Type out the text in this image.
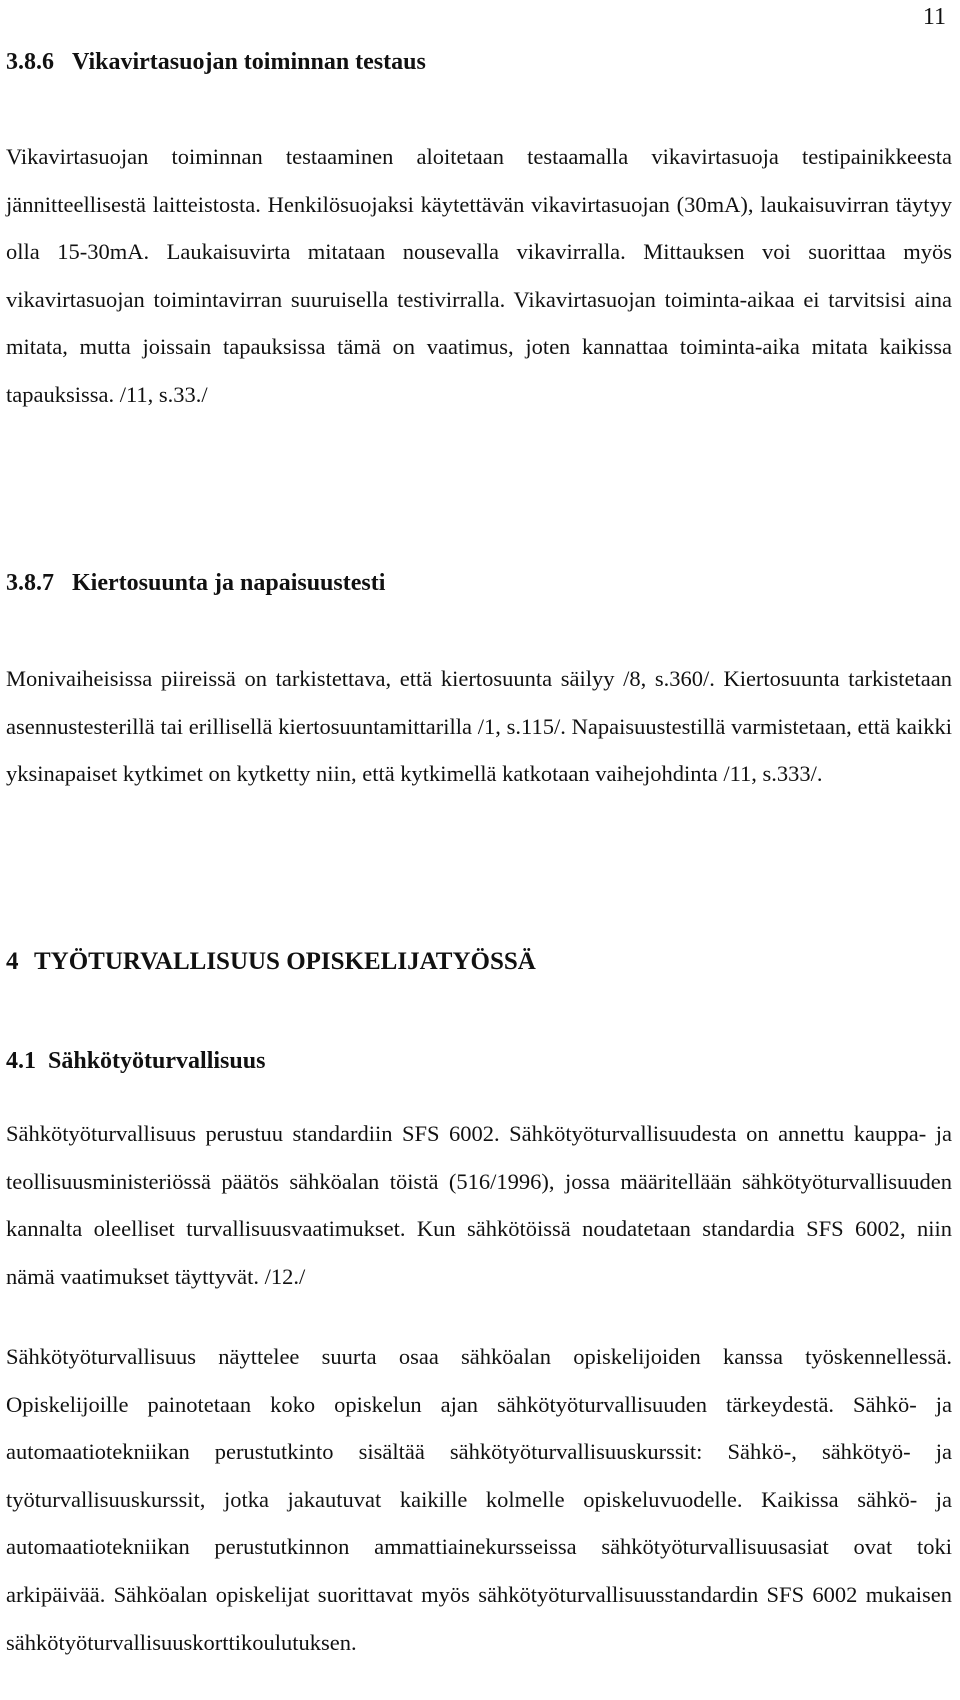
11
3.8.6 Vikavirtasuojan toiminnan testaus

Vikavirtasuojan toiminnan testaaminen aloitetaan testaamalla vikavirtasuoja testipainikkeesta jännitteellisestä laitteistosta. Henkilösuojaksi käytettävän vikavirtasuojan (30mA), laukaisuvirran täytyy olla 15-30mA. Laukaisuvirta mitataan nousevalla vikavirralla. Mittauksen voi suorittaa myös vikavirtasuojan toimintavirran suuruisella testivirralla. Vikavirtasuojan toiminta-aikaa ei tarvitsisi aina mitata, mutta joissain tapauksissa tämä on vaatimus, joten kannattaa toiminta-aika mitata kaikissa tapauksissa. /11, s.33./

3.8.7 Kiertosuunta ja napaisuustesti

Monivaiheisissa piireissä on tarkistettava, että kiertosuunta säilyy /8, s.360/. Kiertosuunta tarkistetaan asennustesterillä tai erillisellä kiertosuuntamittarilla /1, s.115/. Napaisuustestillä varmistetaan, että kaikki yksinapaiset kytkimet on kytketty niin, että kytkimellä katkotaan vaihejohdinta /11, s.333/.

4 TYÖTURVALLISUUS OPISKELIJATYÖSSÄ
4.1 Sähkötyöturvallisuus

Sähkötyöturvallisuus perustuu standardiin SFS 6002. Sähkötyöturvallisuudesta on annettu kauppa- ja teollisuusministeriössä päätös sähköalan töistä (516/1996), jossa määritellään sähkötyöturvallisuuden kannalta oleelliset turvallisuusvaatimukset. Kun sähkötöissä noudatetaan standardia SFS 6002, niin nämä vaatimukset täyttyvät. /12./

Sähkötyöturvallisuus näyttelee suurta osaa sähköalan opiskelijoiden kanssa työskennellessä. Opiskelijoille painotetaan koko opiskelun ajan sähkötyöturvallisuuden tärkeydestä. Sähkö- ja automaatiotekniikan perustutkinto sisältää sähkötyöturvallisuuskurssit: Sähkö-, sähkötyö- ja työturvallisuuskurssit, jotka jakautuvat kaikille kolmelle opiskeluvuodelle. Kaikissa sähkö- ja automaatiotekniikan perustutkinnon ammattiainekursseissa sähkötyöturvallisuusasiat ovat toki arkipäivää. Sähköalan opiskelijat suorittavat myös sähkötyöturvallisuusstandardin SFS 6002 mukaisen sähkötyöturvallisuuskorttikoulutuksen.
